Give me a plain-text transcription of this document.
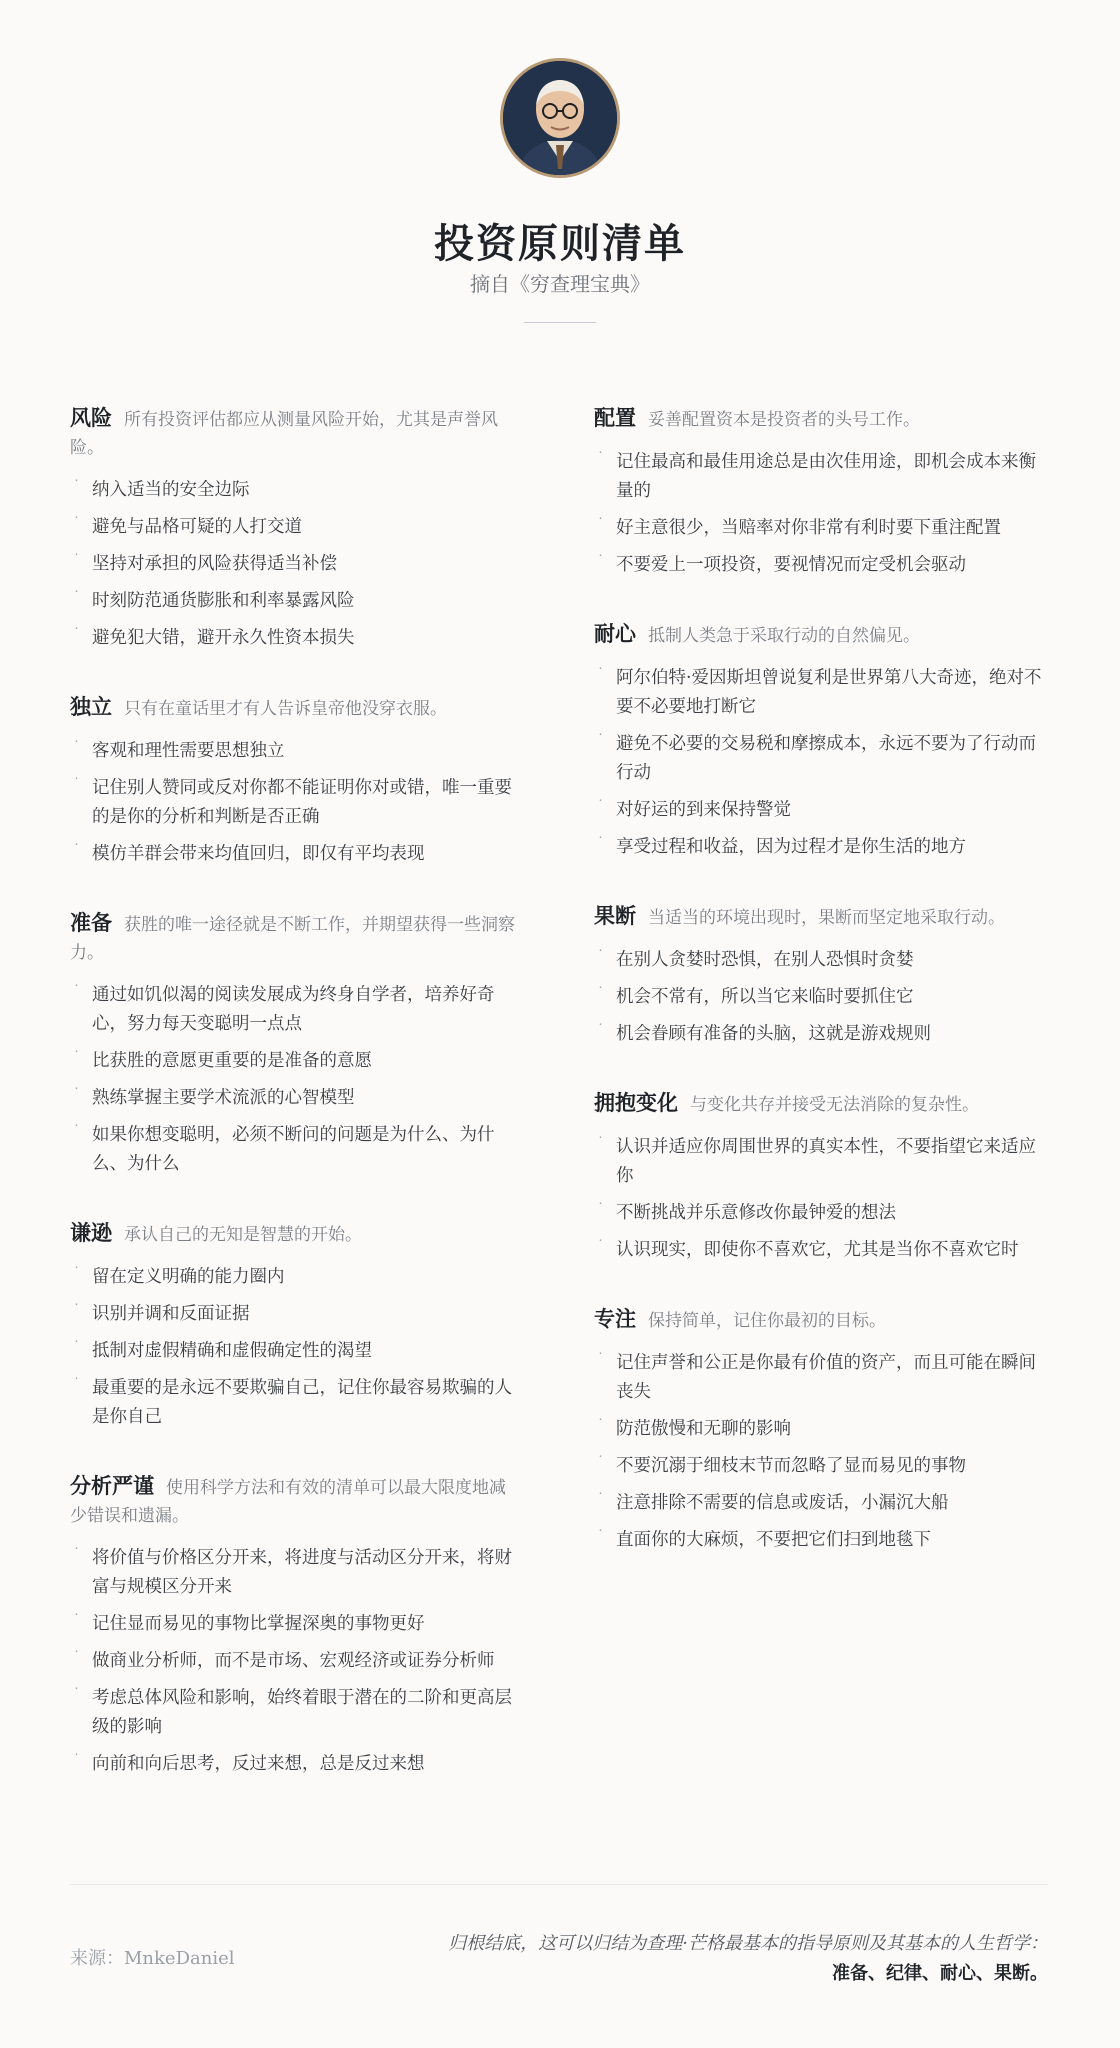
投资原则清单
摘自《穷查理宝典》
风险 所有投资评估都应从测量风险开始，尤其是声誉风险。
˙ 纳入适当的安全边际
˙ 避免与品格可疑的人打交道
˙ 坚持对承担的风险获得适当补偿
˙ 时刻防范通货膨胀和利率暴露风险
˙ 避免犯大错，避开永久性资本损失
独立 只有在童话里才有人告诉皇帝他没穿衣服。
˙ 客观和理性需要思想独立
˙ 记住别人赞同或反对你都不能证明你对或错，唯一重要的是你的分析和判断是否正确
˙ 模仿羊群会带来均值回归，即仅有平均表现
准备 获胜的唯一途径就是不断工作，并期望获得一些洞察力。
˙ 通过如饥似渴的阅读发展成为终身自学者，培养好奇心，努力每天变聪明一点点
˙ 比获胜的意愿更重要的是准备的意愿
˙ 熟练掌握主要学术流派的心智模型
˙ 如果你想变聪明，必须不断问的问题是为什么、为什么、为什么
谦逊 承认自己的无知是智慧的开始。
˙ 留在定义明确的能力圈内
˙ 识别并调和反面证据
˙ 抵制对虚假精确和虚假确定性的渴望
˙ 最重要的是永远不要欺骗自己，记住你最容易欺骗的人是你自己
分析严谨 使用科学方法和有效的清单可以最大限度地减少错误和遗漏。
˙ 将价值与价格区分开来，将进度与活动区分开来，将财富与规模区分开来
˙ 记住显而易见的事物比掌握深奥的事物更好
˙ 做商业分析师，而不是市场、宏观经济或证券分析师
˙ 考虑总体风险和影响，始终着眼于潜在的二阶和更高层级的影响
˙ 向前和向后思考，反过来想，总是反过来想
配置 妥善配置资本是投资者的头号工作。
˙ 记住最高和最佳用途总是由次佳用途，即机会成本来衡量的
˙ 好主意很少，当赔率对你非常有利时要下重注配置
˙ 不要爱上一项投资，要视情况而定受机会驱动
耐心 抵制人类急于采取行动的自然偏见。
˙ 阿尔伯特·爱因斯坦曾说复利是世界第八大奇迹，绝对不要不必要地打断它
˙ 避免不必要的交易税和摩擦成本，永远不要为了行动而行动
˙ 对好运的到来保持警觉
˙ 享受过程和收益，因为过程才是你生活的地方
果断 当适当的环境出现时，果断而坚定地采取行动。
˙ 在别人贪婪时恐惧，在别人恐惧时贪婪
˙ 机会不常有，所以当它来临时要抓住它
˙ 机会眷顾有准备的头脑，这就是游戏规则
拥抱变化 与变化共存并接受无法消除的复杂性。
˙ 认识并适应你周围世界的真实本性，不要指望它来适应你
˙ 不断挑战并乐意修改你最钟爱的想法
˙ 认识现实，即使你不喜欢它，尤其是当你不喜欢它时
专注 保持简单，记住你最初的目标。
˙ 记住声誉和公正是你最有价值的资产，而且可能在瞬间丧失
˙ 防范傲慢和无聊的影响
˙ 不要沉溺于细枝末节而忽略了显而易见的事物
˙ 注意排除不需要的信息或废话，小漏沉大船
˙ 直面你的大麻烦，不要把它们扫到地毯下
来源：MnkeDaniel
归根结底，这可以归结为查理·芒格最基本的指导原则及其基本的人生哲学：
准备、纪律、耐心、果断。
